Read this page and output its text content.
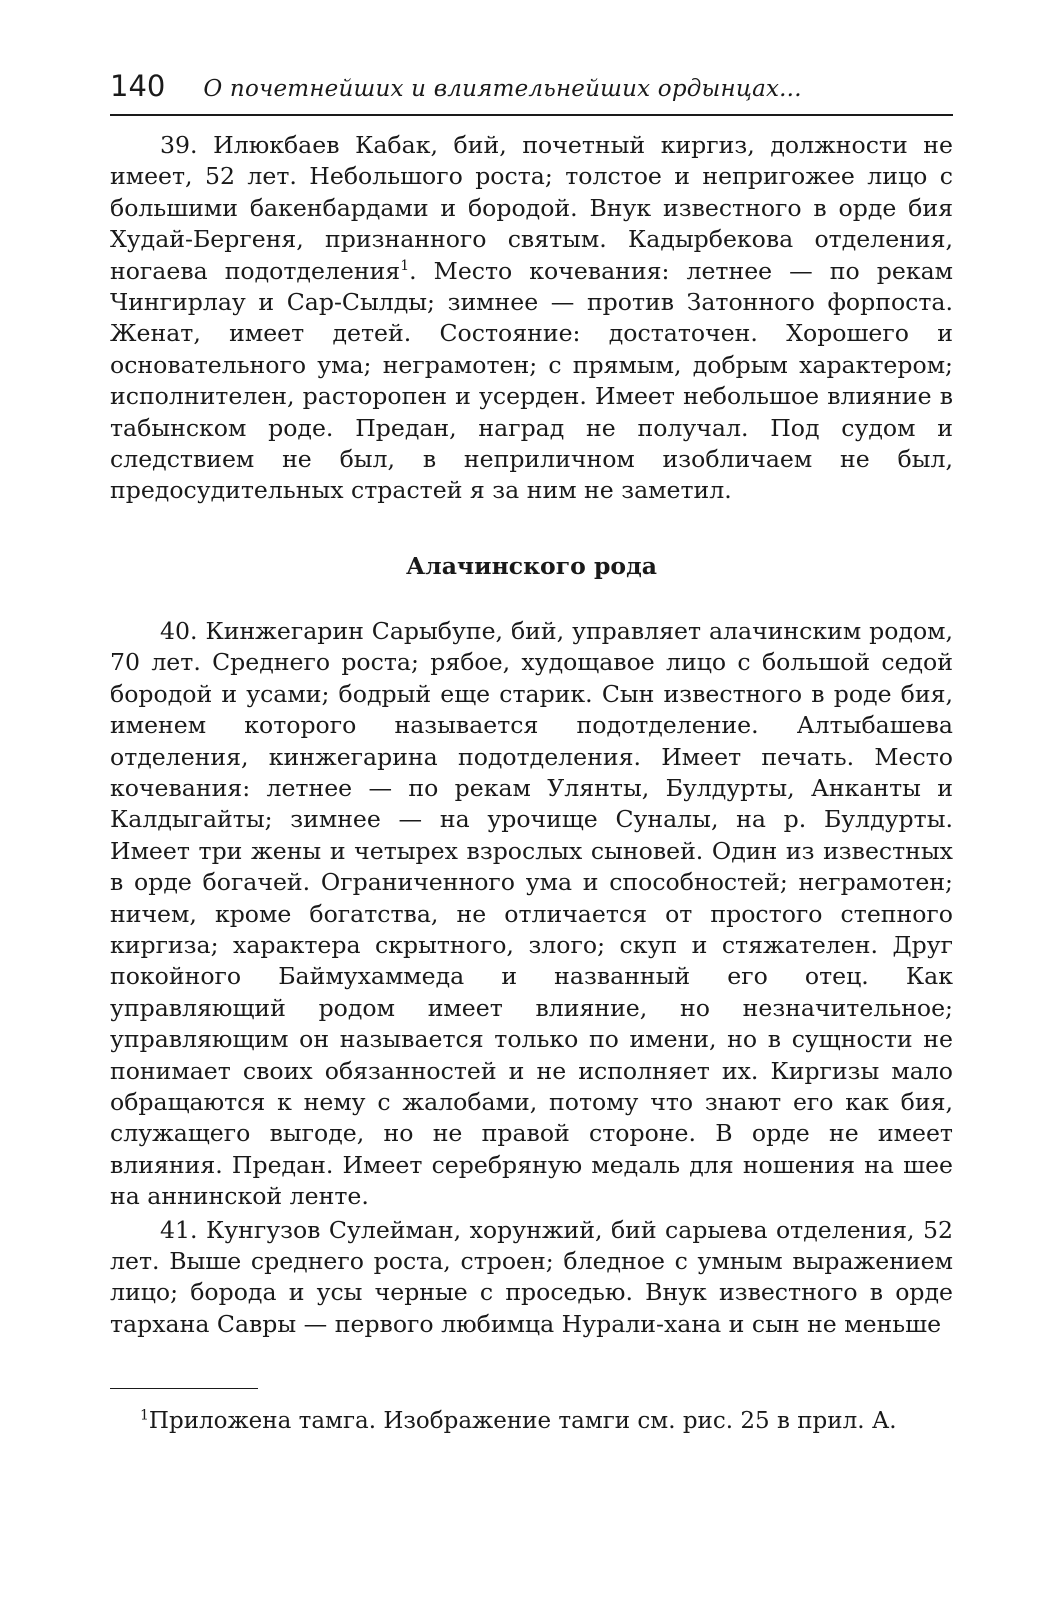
140 О почетнейших и влиятельнейших ордынцах...

39. Илюкбаев Кабак, бий, почетный киргиз, должности не имеет, 52 лет. Небольшого роста; толстое и непригожее лицо с большими бакенбардами и бородой. Внук известного в орде бия Худай-Бергеня, признанного святым. Кадырбекова отделения, ногаева подотделения$^1$. Место кочевания: летнее — по рекам Чингирлау и Сар-Сылды; зимнее — против Затонного форпоста. Женат, имеет детей. Состояние: достаточен. Хорошего и основательного ума; неграмотен; с прямым, добрым характером; исполнителен, расторопен и усерден. Имеет небольшое влияние в табынском роде. Предан, наград не получал. Под судом и следствием не был, в неприличном изобличаем не был, предосудительных страстей я за ним не заметил.

Алачинского рода

40. Кинжегарин Сарыбупе, бий, управляет алачинским родом, 70 лет. Среднего роста; рябое, худощавое лицо с большой седой бородой и усами; бодрый еще старик. Сын известного в роде бия, именем которого называется подотделение. Алтыбашева отделения, кинжегарина подотделения. Имеет печать. Место кочевания: летнее — по рекам Улянты, Булдурты, Анканты и Калдыгайты; зимнее — на урочище Суналы, на р. Булдурты. Имеет три жены и четырех взрослых сыновей. Один из известных в орде богачей. Ограниченного ума и способностей; неграмотен; ничем, кроме богатства, не отличается от простого степного киргиза; характера скрытного, злого; скуп и стяжателен. Друг покойного Баймухаммеда и названный его отец. Как управляющий родом имеет влияние, но незначительное; управляющим он называется только по имени, но в сущности не понимает своих обязанностей и не исполняет их. Киргизы мало обращаются к нему с жалобами, потому что знают его как бия, служащего выгоде, но не правой стороне. В орде не имеет влияния. Предан. Имеет серебряную медаль для ношения на шее на аннинской ленте.

41. Кунгузов Сулейман, хорунжий, бий сарыева отделения, 52 лет. Выше среднего роста, строен; бледное с умным выражением лицо; борода и усы черные с проседью. Внук известного в орде тархана Савры — первого любимца Нурали-хана и сын не меньше

$^1$Приложена тамга. Изображение тамги см. рис. 25 в прил. А.
